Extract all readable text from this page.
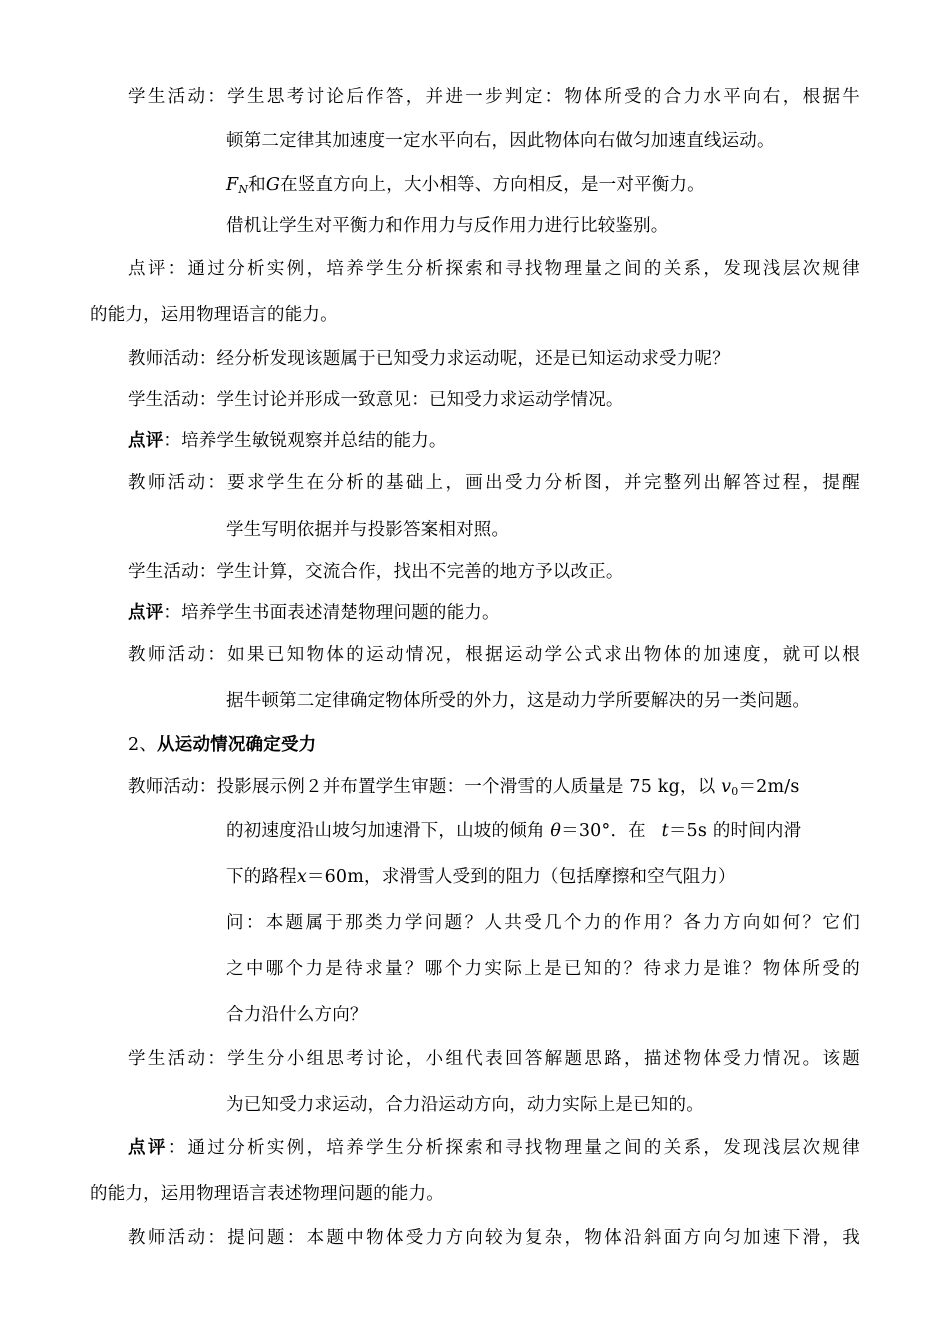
学生活动：学生思考讨论后作答，并进一步判定：物体所受的合力水平向右，根据牛
顿第二定律其加速度一定水平向右，因此物体向右做匀加速直线运动。
$F_N$和G在竖直方向上，大小相等、方向相反，是一对平衡力。
借机让学生对平衡力和作用力与反作用力进行比较鉴别。
点评：通过分析实例，培养学生分析探索和寻找物理量之间的关系，发现浅层次规律
的能力，运用物理语言的能力。
教师活动：经分析发现该题属于已知受力求运动呢，还是已知运动求受力呢？
学生活动：学生讨论并形成一致意见：已知受力求运动学情况。
点评：培养学生敏锐观察并总结的能力。
教师活动：要求学生在分析的基础上，画出受力分析图，并完整列出解答过程，提醒
学生写明依据并与投影答案相对照。
学生活动：学生计算，交流合作，找出不完善的地方予以改正。
点评：培养学生书面表述清楚物理问题的能力。
教师活动：如果已知物体的运动情况，根据运动学公式求出物体的加速度，就可以根
据牛顿第二定律确定物体所受的外力，这是动力学所要解决的另一类问题。
2、从运动情况确定受力
教师活动：投影展示例２并布置学生审题：一个滑雪的人质量是 75 kg，以 $v_0=2m/s$
的初速度沿山坡匀加速滑下，山坡的倾角 θ＝30°．在 t＝5s 的时间内滑
下的路程x＝60m，求滑雪人受到的阻力（包括摩擦和空气阻力）
问：本题属于那类力学问题？人共受几个力的作用？各力方向如何？它们
之中哪个力是待求量？哪个力实际上是已知的？待求力是谁？物体所受的
合力沿什么方向？
学生活动：学生分小组思考讨论，小组代表回答解题思路，描述物体受力情况。该题
为已知受力求运动，合力沿运动方向，动力实际上是已知的。
点评：通过分析实例，培养学生分析探索和寻找物理量之间的关系，发现浅层次规律
的能力，运用物理语言表述物理问题的能力。
教师活动：提问题：本题中物体受力方向较为复杂，物体沿斜面方向匀加速下滑，我
